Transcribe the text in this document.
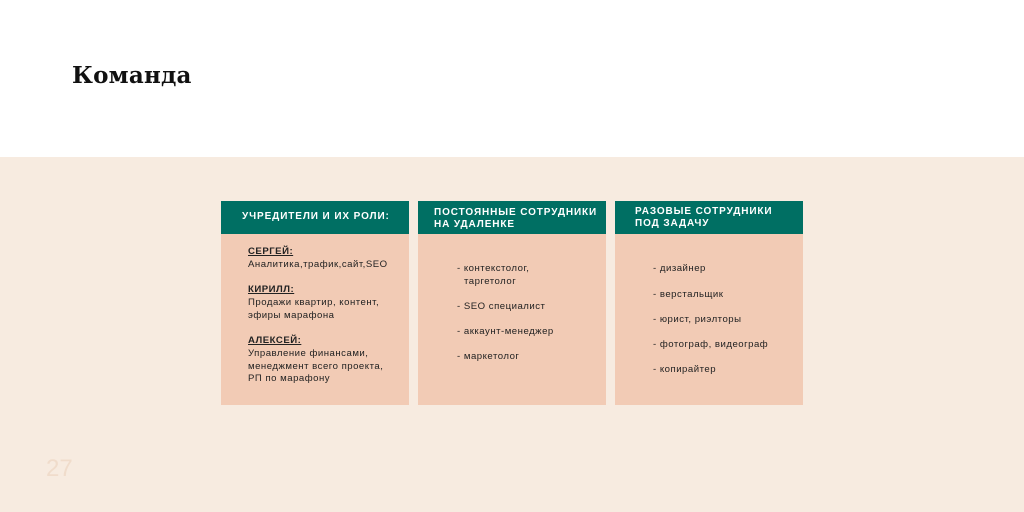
Команда
УЧРЕДИТЕЛИ И ИХ РОЛИ:
СЕРГЕЙ:
Аналитика,трафик,сайт,SEO
КИРИЛЛ:
Продажи квартир, контент,
эфиры марафона
АЛЕКСЕЙ:
Управление финансами,
менеджмент всего проекта,
РП по марафону
ПОСТОЯННЫЕ СОТРУДНИКИ
НА УДАЛЕНКЕ
- контекстолог,
таргетолог
- SEO специалист
- аккаунт-менеджер
- маркетолог
РАЗОВЫЕ СОТРУДНИКИ
ПОД ЗАДАЧУ
- дизайнер
- верстальщик
- юрист, риэлторы
- фотограф, видеограф
- копирайтер
27
